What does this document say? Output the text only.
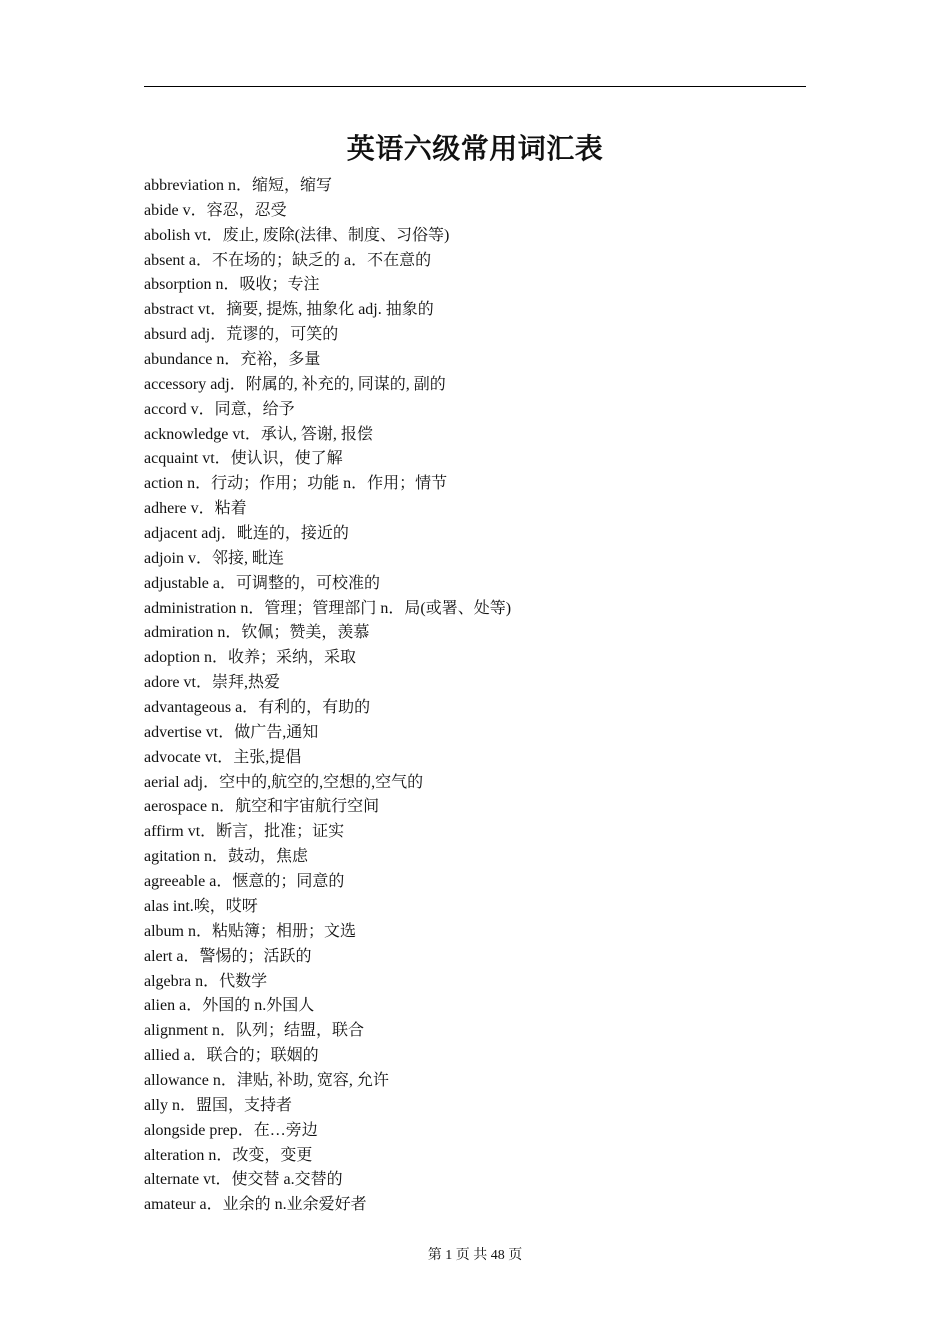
英语六级常用词汇表
abbreviation n．缩短，缩写
abide v．容忍，忍受
abolish vt．废止, 废除(法律、制度、习俗等)
absent a．不在场的；缺乏的 a．不在意的
absorption n．吸收；专注
abstract vt．摘要, 提炼, 抽象化 adj. 抽象的
absurd adj．荒谬的，可笑的
abundance n．充裕，多量
accessory adj．附属的, 补充的, 同谋的, 副的
accord v．同意，给予
acknowledge vt．承认, 答谢, 报偿
acquaint vt．使认识，使了解
action n．行动；作用；功能 n．作用；情节
adhere v．粘着
adjacent adj．毗连的，接近的
adjoin v．邻接, 毗连
adjustable a．可调整的，可校准的
administration n．管理；管理部门 n．局(或署、处等)
admiration n．钦佩；赞美，羡慕
adoption n．收养；采纳，采取
adore vt．崇拜,热爱
advantageous a．有利的，有助的
advertise vt．做广告,通知
advocate vt．主张,提倡
aerial adj．空中的,航空的,空想的,空气的
aerospace n．航空和宇宙航行空间
affirm vt．断言，批准；证实
agitation n．鼓动，焦虑
agreeable a．惬意的；同意的
alas int.唉，哎呀
album n．粘贴簿；相册；文选
alert a．警惕的；活跃的
algebra n．代数学
alien a．外国的 n.外国人
alignment n．队列；结盟，联合
allied a．联合的；联姻的
allowance n．津贴, 补助, 宽容, 允许
ally n．盟国，支持者
alongside prep．在…旁边
alteration n．改变，变更
alternate vt．使交替 a.交替的
amateur a．业余的 n.业余爱好者
第 1 页 共 48 页
